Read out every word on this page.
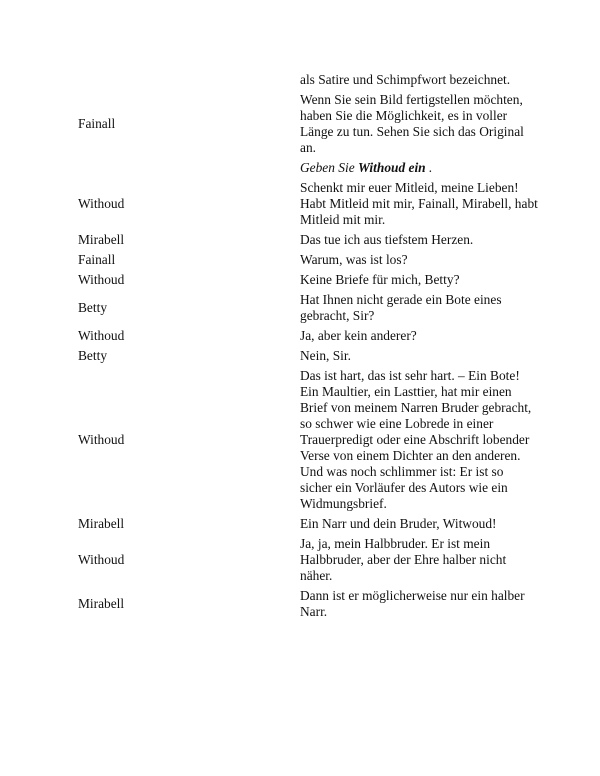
	als Satire und Schimpfwort bezeichnet.
Fainall	Wenn Sie sein Bild fertigstellen möchten, haben Sie die Möglichkeit, es in voller Länge zu tun. Sehen Sie sich das Original an.
	Geben Sie Withoud ein .
Withoud	Schenkt mir euer Mitleid, meine Lieben! Habt Mitleid mit mir, Fainall, Mirabell, habt Mitleid mit mir.
Mirabell	Das tue ich aus tiefstem Herzen.
Fainall	Warum, was ist los?
Withoud	Keine Briefe für mich, Betty?
Betty	Hat Ihnen nicht gerade ein Bote eines gebracht, Sir?
Withoud	Ja, aber kein anderer?
Betty	Nein, Sir.
Withoud	Das ist hart, das ist sehr hart. – Ein Bote! Ein Maultier, ein Lasttier, hat mir einen Brief von meinem Narren Bruder gebracht, so schwer wie eine Lobrede in einer Trauerpredigt oder eine Abschrift lobender Verse von einem Dichter an den anderen. Und was noch schlimmer ist: Er ist so sicher ein Vorläufer des Autors wie ein Widmungsbrief.
Mirabell	Ein Narr und dein Bruder, Witwoud!
Withoud	Ja, ja, mein Halbbruder. Er ist mein Halbbruder, aber der Ehre halber nicht näher.
Mirabell	Dann ist er möglicherweise nur ein halber Narr.
